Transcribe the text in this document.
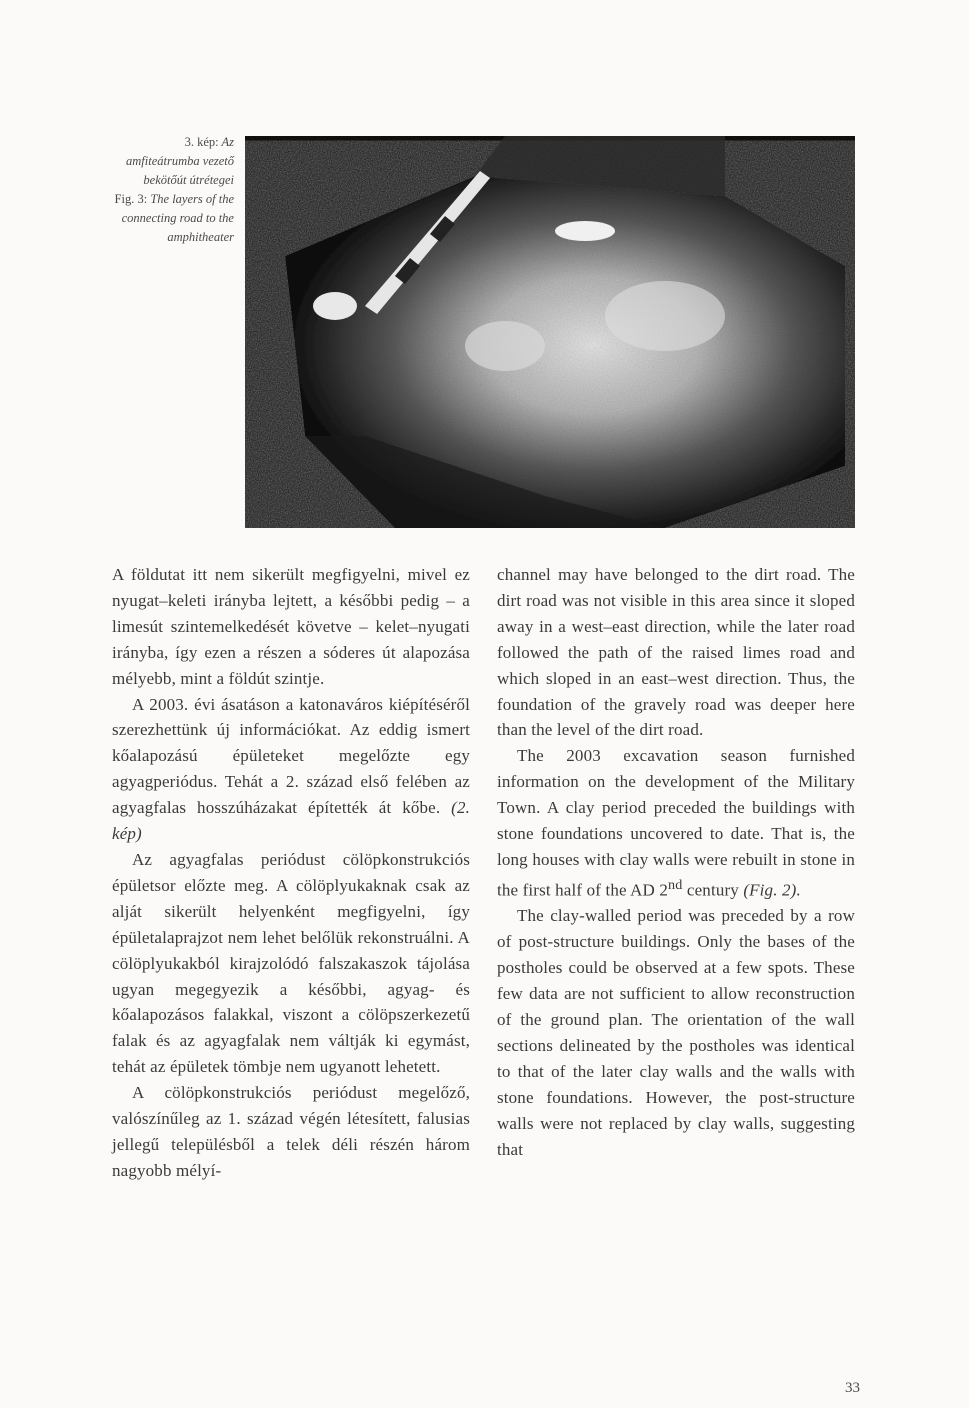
3. kép: Az amfiteátrumba vezető bekötőút útrétegei
Fig. 3: The layers of the connecting road to the amphitheater

A földutat itt nem sikerült megfigyelni, mivel ez nyugat–keleti irányba lejtett, a későbbi pedig – a limesút szintemelkedését követve – kelet–nyugati irányba, így ezen a részen a sóderes út alapozása mélyebb, mint a földút szintje.

A 2003. évi ásatáson a katonaváros kiépítéséről szerezhettünk új információkat. Az eddig ismert kőalapozású épületeket megelőzte egy agyagperiódus. Tehát a 2. század első felében az agyagfalas hosszúházakat építették át kőbe. (2. kép)

Az agyagfalas periódust cölöpkonstrukciós épületsor előzte meg. A cölöplyukaknak csak az alját sikerült helyenként megfigyelni, így épületalaprajzot nem lehet belőlük rekonstruálni. A cölöplyukakból kirajzolódó falszakaszok tájolása ugyan megegyezik a későbbi, agyag- és kőalapozásos falakkal, viszont a cölöpszerkezetű falak és az agyagfalak nem váltják ki egymást, tehát az épületek tömbje nem ugyanott lehetett.

A cölöpkonstrukciós periódust megelőző, valószínűleg az 1. század végén létesített, falusias jellegű településből a telek déli részén három nagyobb mélyí-

channel may have belonged to the dirt road. The dirt road was not visible in this area since it sloped away in a west–east direction, while the later road followed the path of the raised limes road and which sloped in an east–west direction. Thus, the foundation of the gravely road was deeper here than the level of the dirt road.

The 2003 excavation season furnished information on the development of the Military Town. A clay period preceded the buildings with stone foundations uncovered to date. That is, the long houses with clay walls were rebuilt in stone in the first half of the AD 2nd century (Fig. 2).

The clay-walled period was preceded by a row of post-structure buildings. Only the bases of the postholes could be observed at a few spots. These few data are not sufficient to allow reconstruction of the ground plan. The orientation of the wall sections delineated by the postholes was identical to that of the later clay walls and the walls with stone foundations. However, the post-structure walls were not replaced by clay walls, suggesting that

33
